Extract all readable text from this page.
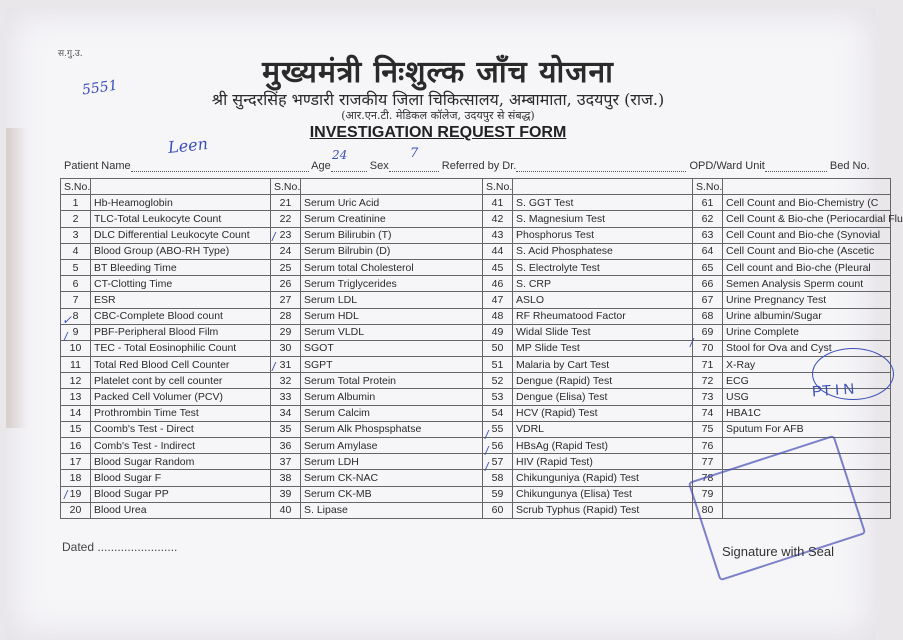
स.गु.उ.
5551	मुख्यमंत्री निःशुल्क जाँच योजना
श्री सुन्दरसिंह भण्डारी राजकीय जिला चिकित्सालय, अम्बामाता, उदयपुर (राज.)
(आर.एन.टी. मेडिकल कॉलेज, उदयपुर से संबद्ध)
INVESTIGATION REQUEST FORM
Leen	24	7
Patient Name	Age	Sex	Referred by Dr.	OPD/Ward Unit	Bed No.
S.No.		S.No.		S.No.		S.No.	
1	Hb-Heamoglobin	21	Serum Uric Acid	41	S. GGT Test	61	Cell Count and Bio-Chemistry (C
2	TLC-Total Leukocyte Count	22	Serum Creatinine	42	S. Magnesium Test	62	Cell Count & Bio-che (Periocardial Flu
3	DLC Differential Leukocyte Count	23	Serum Bilirubin (T)	43	Phosphorus Test	63	Cell Count and Bio-che (Synovial
4	Blood Group (ABO-RH Type)	24	Serum Bilrubin (D)	44	S. Acid Phosphatese	64	Cell Count and Bio-che (Ascetic
5	BT Bleeding Time	25	Serum total Cholesterol	45	S. Electrolyte Test	65	Cell count and Bio-che (Pleural
6	CT-Clotting Time	26	Serum Triglycerides	46	S. CRP	66	Semen Analysis Sperm count
7	ESR	27	Serum LDL	47	ASLO	67	Urine Pregnancy Test
8	CBC-Complete Blood count	28	Serum HDL	48	RF Rheumatood Factor	68	Urine albumin/Sugar
9	PBF-Peripheral Blood Film	29	Serum VLDL	49	Widal Slide Test	69	Urine Complete
10	TEC - Total Eosinophilic Count	30	SGOT	50	MP Slide Test	70	Stool for Ova and Cyst
11	Total Red Blood Cell Counter	31	SGPT	51	Malaria by Cart Test	71	X-Ray
12	Platelet cont by cell counter	32	Serum Total Protein	52	Dengue (Rapid) Test	72	ECG
13	Packed Cell Volumer (PCV)	33	Serum Albumin	53	Dengue (Elisa) Test	73	USG
14	Prothrombin Time Test	34	Serum Calcim	54	HCV (Rapid) Test	74	HBA1C
15	Coomb's Test - Direct	35	Serum Alk Phospsphatse	55	VDRL	75	Sputum For AFB
16	Comb's Test - Indirect	36	Serum Amylase	56	HBsAg (Rapid Test)	76	
17	Blood Sugar Random	37	Serum LDH	57	HIV (Rapid Test)	77	
18	Blood Sugar F	38	Serum CK-NAC	58	Chikunguniya (Rapid) Test	78	
19	Blood Sugar PP	39	Serum CK-MB	59	Chikungunya (Elisa) Test	79	
20	Blood Urea	40	S. Lipase	60	Scrub Typhus (Rapid) Test	80	
✓
/
/
/
/
/
/
/
/
PT I N
Dated ........................	Signature with Seal
